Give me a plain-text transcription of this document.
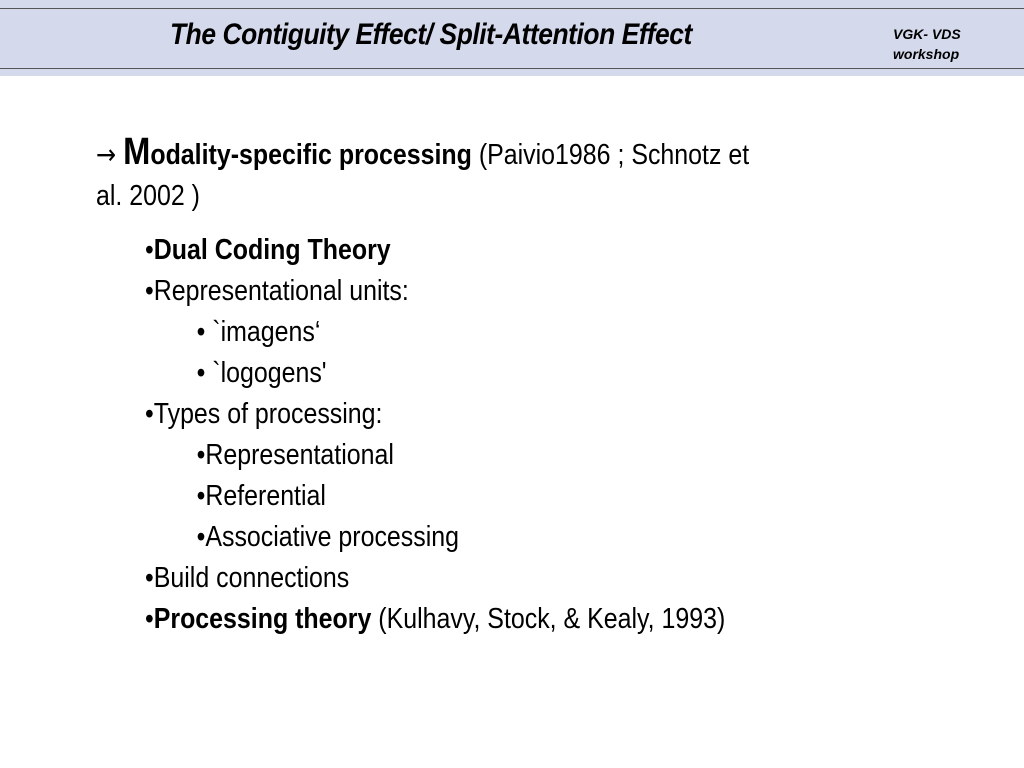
The Contiguity Effect/ Split-Attention Effect	VGK- VDS
workshop
→ Modality-specific processing (Paivio1986 ; Schnotz et
al. 2002 )
•Dual Coding Theory
•Representational units:
• `imagens‘
• `logogens'
•Types of processing:
•Representational
•Referential
•Associative processing
•Build connections
•Processing theory (Kulhavy, Stock, & Kealy, 1993)
